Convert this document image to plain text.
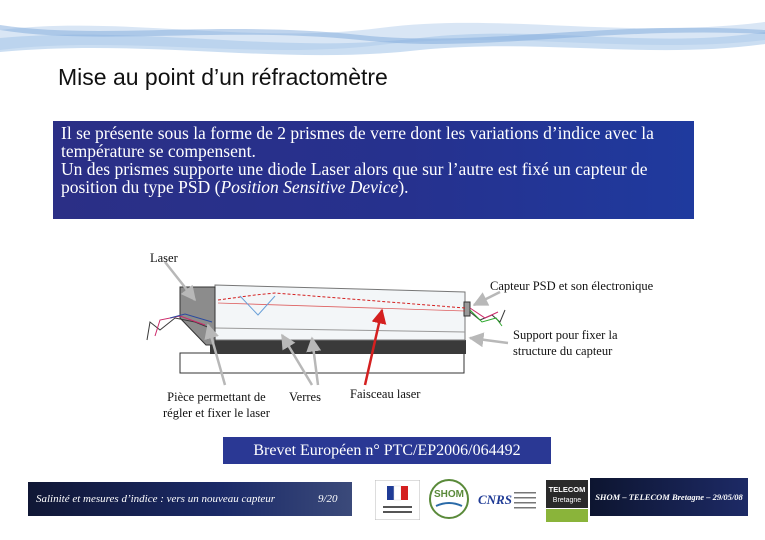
Mise au point d’un réfractomètre

Il se présente sous la forme de 2 prismes de verre dont les variations d’indice avec la température se compensent.

Un des prismes supporte une diode Laser alors que sur l’autre est fixé un capteur de position du type PSD (Position Sensitive Device).

Laser
Capteur PSD et son électronique
Support pour fixer la
structure du capteur
Pièce permettant de
régler et fixer le laser
Verres Faisceau laser
Brevet Européen n° PTC/EP2006/064492
Salinité et mesures d’indice : vers un nouveau capteur	9/20	SHOM CNRS
TELECOM
Bretagne	SHOM – TELECOM Bretagne – 29/05/08
